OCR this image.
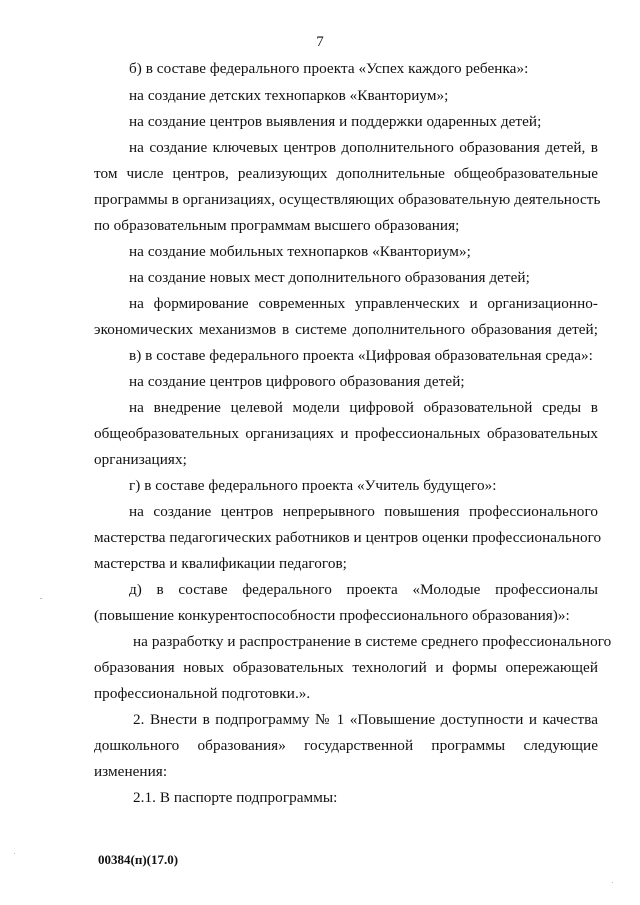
7
б) в составе федерального проекта «Успех каждого ребенка»:
на создание детских технопарков «Кванториум»;
на создание центров выявления и поддержки одаренных детей;
на создание ключевых центров дополнительного образования детей, в
том числе центров, реализующих дополнительные общеобразовательные
программы в организациях, осуществляющих образовательную деятельность
по образовательным программам высшего образования;
на создание мобильных технопарков «Кванториум»;
на создание новых мест дополнительного образования детей;
на формирование современных управленческих и организационно-
экономических механизмов в системе дополнительного образования детей;
в) в составе федерального проекта «Цифровая образовательная среда»:
на создание центров цифрового образования детей;
на внедрение целевой модели цифровой образовательной среды в
общеобразовательных организациях и профессиональных образовательных
организациях;
г) в составе федерального проекта «Учитель будущего»:
на создание центров непрерывного повышения профессионального
мастерства педагогических работников и центров оценки профессионального
мастерства и квалификации педагогов;
д) в составе федерального проекта «Молодые профессионалы
(повышение конкурентоспособности профессионального образования)»:
на разработку и распространение в системе среднего профессионального
образования новых образовательных технологий и формы опережающей
профессиональной подготовки.».
2. Внести в подпрограмму № 1 «Повышение доступности и качества
дошкольного образования» государственной программы следующие
изменения:
2.1. В паспорте подпрограммы:
00384(п)(17.0)
